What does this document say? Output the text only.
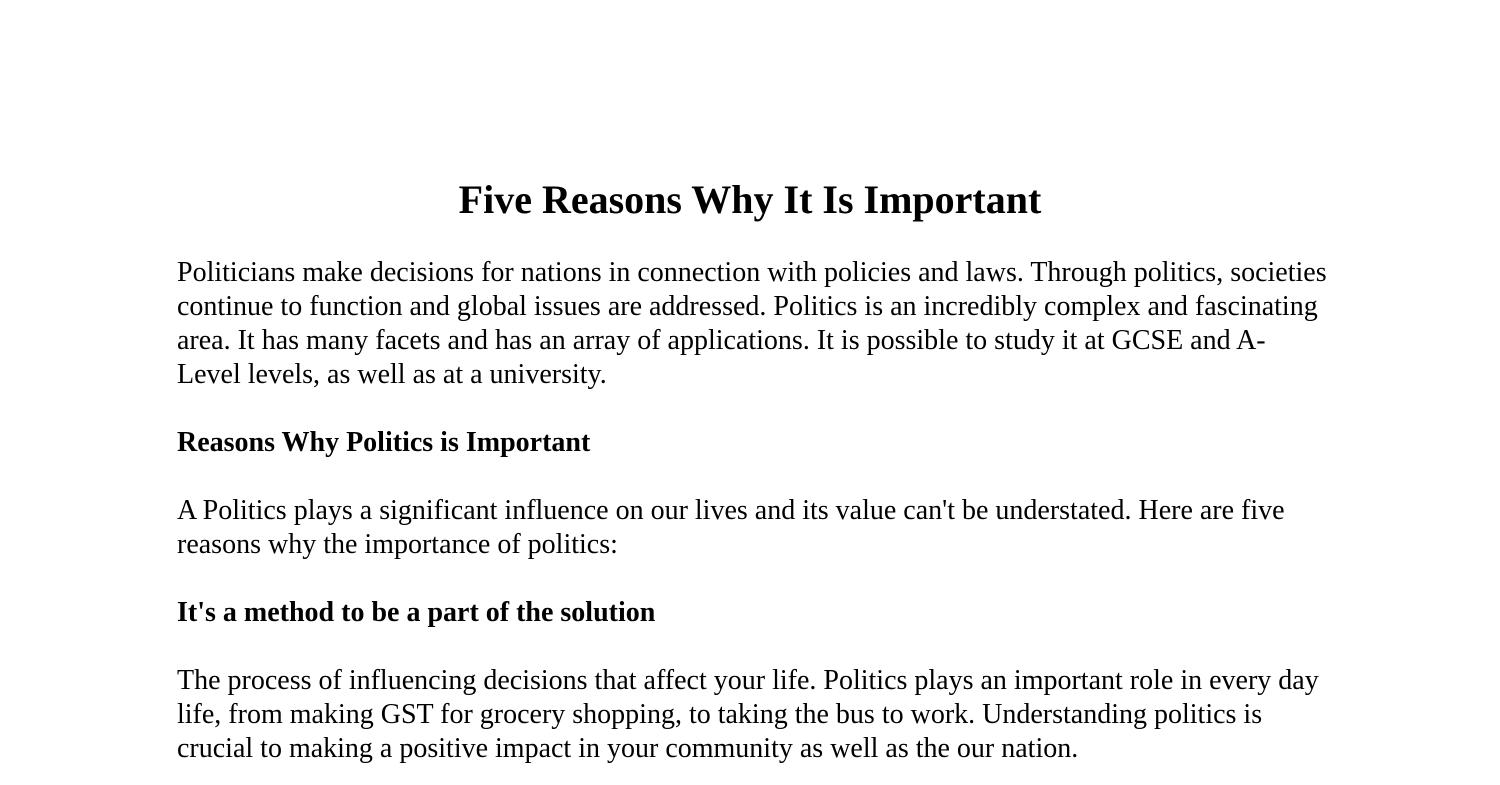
Five Reasons Why It Is Important

Politicians make decisions for nations in connection with policies and laws. Through politics, societies continue to function and global issues are addressed. Politics is an incredibly complex and fascinating area. It has many facets and has an array of applications. It is possible to study it at GCSE and A-Level levels, as well as at a university.

Reasons Why Politics is Important

A Politics plays a significant influence on our lives and its value can't be understated. Here are five reasons why the importance of politics:

It's a method to be a part of the solution

The process of influencing decisions that affect your life. Politics plays an important role in every day life, from making GST for grocery shopping, to taking the bus to work. Understanding politics is crucial to making a positive impact in your community as well as the our nation.
